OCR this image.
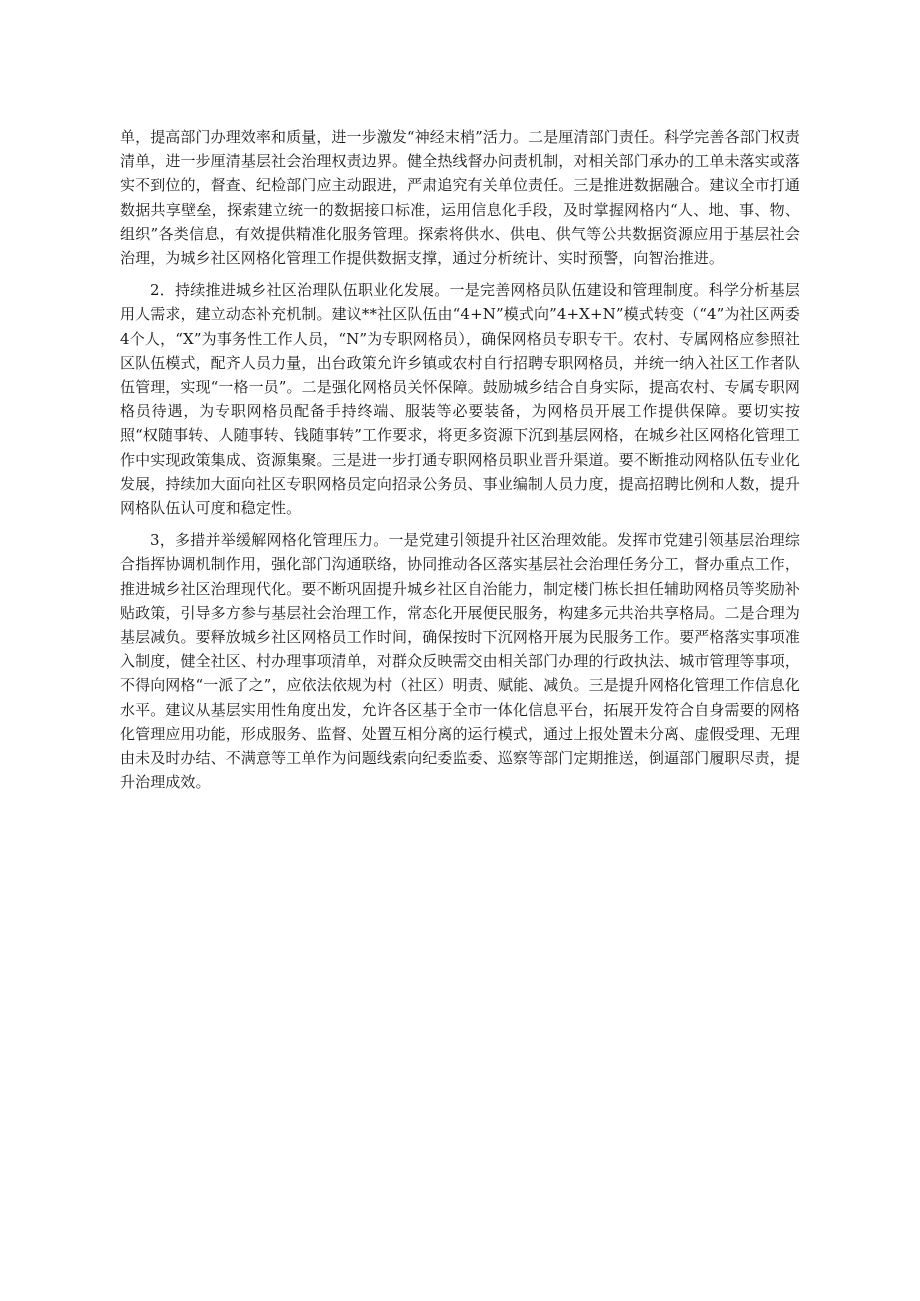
单，提高部门办理效率和质量，进一步激发“神经末梢”活力。二是厘清部门责任。科学完善各部门权责清单，进一步厘清基层社会治理权责边界。健全热线督办问责机制，对相关部门承办的工单未落实或落实不到位的，督查、纪检部门应主动跟进，严肃追究有关单位责任。三是推进数据融合。建议全市打通数据共享壁垒，探索建立统一的数据接口标准，运用信息化手段，及时掌握网格内“人、地、事、物、组织”各类信息，有效提供精准化服务管理。探索将供水、供电、供气等公共数据资源应用于基层社会治理，为城乡社区网格化管理工作提供数据支撑，通过分析统计、实时预警，向智治推进。

2．持续推进城乡社区治理队伍职业化发展。一是完善网格员队伍建设和管理制度。科学分析基层用人需求，建立动态补充机制。建议**社区队伍由“4+N”模式向”4+X+N”模式转变（“4”为社区两委4个人，“X”为事务性工作人员，“N”为专职网格员），确保网格员专职专干。农村、专属网格应参照社区队伍模式，配齐人员力量，出台政策允许乡镇或农村自行招聘专职网格员，并统一纳入社区工作者队伍管理，实现“一格一员”。二是强化网格员关怀保障。鼓励城乡结合自身实际，提高农村、专属专职网格员待遇，为专职网格员配备手持终端、服装等必要装备，为网格员开展工作提供保障。要切实按照“权随事转、人随事转、钱随事转”工作要求，将更多资源下沉到基层网格，在城乡社区网格化管理工作中实现政策集成、资源集聚。三是进一步打通专职网格员职业晋升渠道。要不断推动网格队伍专业化发展，持续加大面向社区专职网格员定向招录公务员、事业编制人员力度，提高招聘比例和人数，提升网格队伍认可度和稳定性。

3，多措并举缓解网格化管理压力。一是党建引领提升社区治理效能。发挥市党建引领基层治理综合指挥协调机制作用，强化部门沟通联络，协同推动各区落实基层社会治理任务分工，督办重点工作，推进城乡社区治理现代化。要不断巩固提升城乡社区自治能力，制定楼门栋长担任辅助网格员等奖励补贴政策，引导多方参与基层社会治理工作，常态化开展便民服务，构建多元共治共享格局。二是合理为基层减负。要释放城乡社区网格员工作时间，确保按时下沉网格开展为民服务工作。要严格落实事项准入制度，健全社区、村办理事项清单，对群众反映需交由相关部门办理的行政执法、城市管理等事项，不得向网格“一派了之”，应依法依规为村（社区）明责、赋能、减负。三是提升网格化管理工作信息化水平。建议从基层实用性角度出发，允许各区基于全市一体化信息平台，拓展开发符合自身需要的网格化管理应用功能，形成服务、监督、处置互相分离的运行模式，通过上报处置未分离、虚假受理、无理由未及时办结、不满意等工单作为问题线索向纪委监委、巡察等部门定期推送，倒逼部门履职尽责，提升治理成效。
